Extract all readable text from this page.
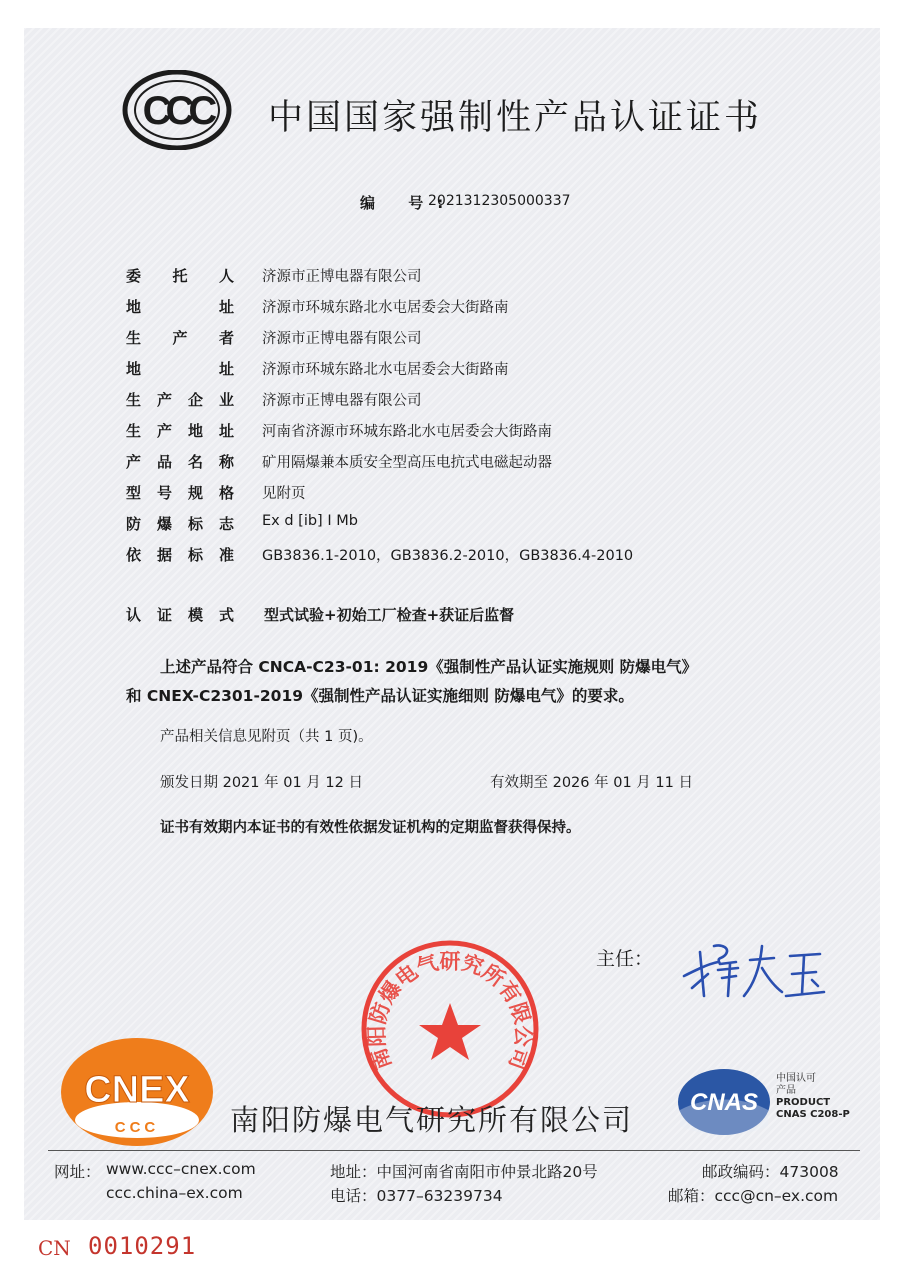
CCC 中国国家强制性产品认证证书
编 号:
2021312305000337
委 托 人 济源市正博电器有限公司
地	址 济源市环城东路北水屯居委会大街路南
生 产 者 济源市正博电器有限公司
地	址 济源市环城东路北水屯居委会大街路南
生 产 企 业 济源市正博电器有限公司
生 产 地 址 河南省济源市环城东路北水屯居委会大街路南
产 品 名 称 矿用隔爆兼本质安全型高压电抗式电磁起动器
型 号 规 格 见附页
防 爆 标 志 Ex d [ib] Ⅰ Mb
依 据 标 准 GB3836.1-2010，GB3836.2-2010，GB3836.4-2010
认 证 模 式 型式试验+初始工厂检查+获证后监督
上述产品符合 CNCA-C23-01: 2019《强制性产品认证实施规则 防爆电气》
和 CNEX-C2301-2019《强制性产品认证实施细则 防爆电气》的要求。
产品相关信息见附页（共 1 页)。
颁发日期 2021 年 01 月 12 日	有效期至 2026 年 01 月 11 日
证书有效期内本证书的有效性依据发证机构的定期监督获得保持。
主任：
南阳防爆电气研究所有限公司
CNEX
CCC 南阳防爆电气研究所有限公司
CNAS
中国认可
产品
PRODUCT
CNAS C208-P
网址： www.ccc–cnex.com
ccc.china–ex.com
地址：中国河南省南阳市仲景北路20号
电话：0377–63239734
邮政编码：473008
邮箱：ccc@cn–ex.com
CN 0010291
